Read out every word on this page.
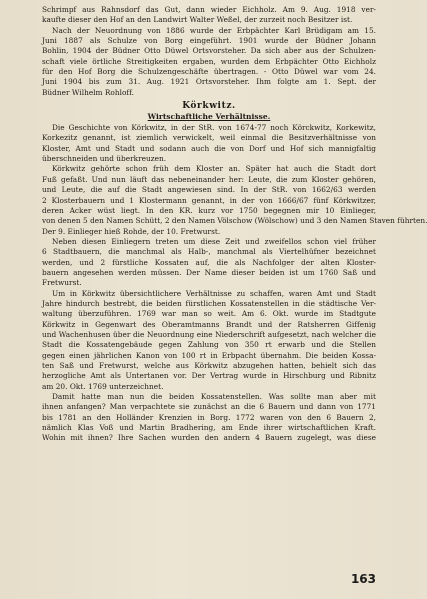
Schrimpf aus Rahnsdorf das Gut, dann wieder Eichholz. Am 9. Aug. 1918 ver-
kaufte dieser den Hof an den Landwirt Walter Weßel, der zurzeit noch Besitzer ist.

Nach der Neuordnung von 1886 wurde der Erbpächter Karl Brüdigam am 15.
Juni 1887 als Schulze von Borg eingeführt. 1901 wurde der Büdner Johann
Bohlin, 1904 der Büdner Otto Düwel Ortsvorsteher. Da sich aber aus der Schulzen-
schaft viele örtliche Streitigkeiten ergaben, wurden dem Erbpächter Otto Eichholz
für den Hof Borg die Schulzengeschäfte übertragen. - Otto Düwel war vom 24.
Juni 1904 bis zum 31. Aug. 1921 Ortsvorsteher. Ihm folgte am 1. Sept. der
Büdner Wilhelm Rohloff.

Körkwitz.
Wirtschaftliche Verhältnisse.

Die Geschichte von Körkwitz, in der StR. von 1674-77 noch Körckwitz, Korkewitz,
Korkezitz genannt, ist ziemlich verwickelt, weil einmal die Besitzverhältnisse von
Kloster, Amt und Stadt und sodann auch die von Dorf und Hof sich mannigfaltig
überschneiden und überkreuzen.

Körkwitz gehörte schon früh dem Kloster an. Später hat auch die Stadt dort
Fuß gefaßt. Und nun läuft das nebeneinander her: Leute, die zum Kloster gehören,
und Leute, die auf die Stadt angewiesen sind. In der StR. von 1662/63 werden
2 Klosterbauern und 1 Klostermann genannt, in der von 1666/67 fünf Körkwitzer,
deren Acker wüst liegt. In den KR. kurz vor 1750 begegnen mir 10 Einlieger,
von denen 5 den Namen Schütt, 2 den Namen Völschow (Wölschow) und 3 den Namen Staven führten.
Der 9. Einlieger hieß Rohde, der 10. Fretwurst.

Neben diesen Einliegern treten um diese Zeit und zweifellos schon viel früher
6 Stadtbauern, die manchmal als Halb-, manchmal als Viertelhüfner bezeichnet
werden, und 2 fürstliche Kossaten auf, die als Nachfolger der alten Kloster-
bauern angesehen werden müssen. Der Name dieser beiden ist um 1760 Saß und
Fretwurst.

Um in Körkwitz übersichtlichere Verhältnisse zu schaffen, waren Amt und Stadt
Jahre hindurch bestrebt, die beiden fürstlichen Kossatenstellen in die städtische Ver-
waltung überzuführen. 1769 war man so weit. Am 6. Okt. wurde im Stadtgute
Körkwitz in Gegenwart des Oberamtmanns Brandt und der Ratsherren Giffenig
und Wachenhusen über die Neuordnung eine Niederschrift aufgesetzt, nach welcher die
Stadt die Kossatengebäude gegen Zahlung von 350 rt erwarb und die Stellen
gegen einen jährlichen Kanon von 100 rt in Erbpacht übernahm. Die beiden Kossa-
ten Saß und Fretwurst, welche aus Körkwitz abzugehen hatten, behielt sich das
herzogliche Amt als Untertanen vor. Der Vertrag wurde in Hirschburg und Ribnitz
am 20. Okt. 1769 unterzeichnet.

Damit hatte man nun die beiden Kossatenstellen. Was sollte man aber mit
ihnen anfangen? Man verpachtete sie zunächst an die 6 Bauern und dann von 1771
bis 1781 an den Holländer Krenzien in Borg. 1772 waren von den 6 Bauern 2,
nämlich Klas Voß und Martin Bradhering, am Ende ihrer wirtschaftlichen Kraft.
Wohin mit ihnen? Ihre Sachen wurden den andern 4 Bauern zugelegt, was diese

163
